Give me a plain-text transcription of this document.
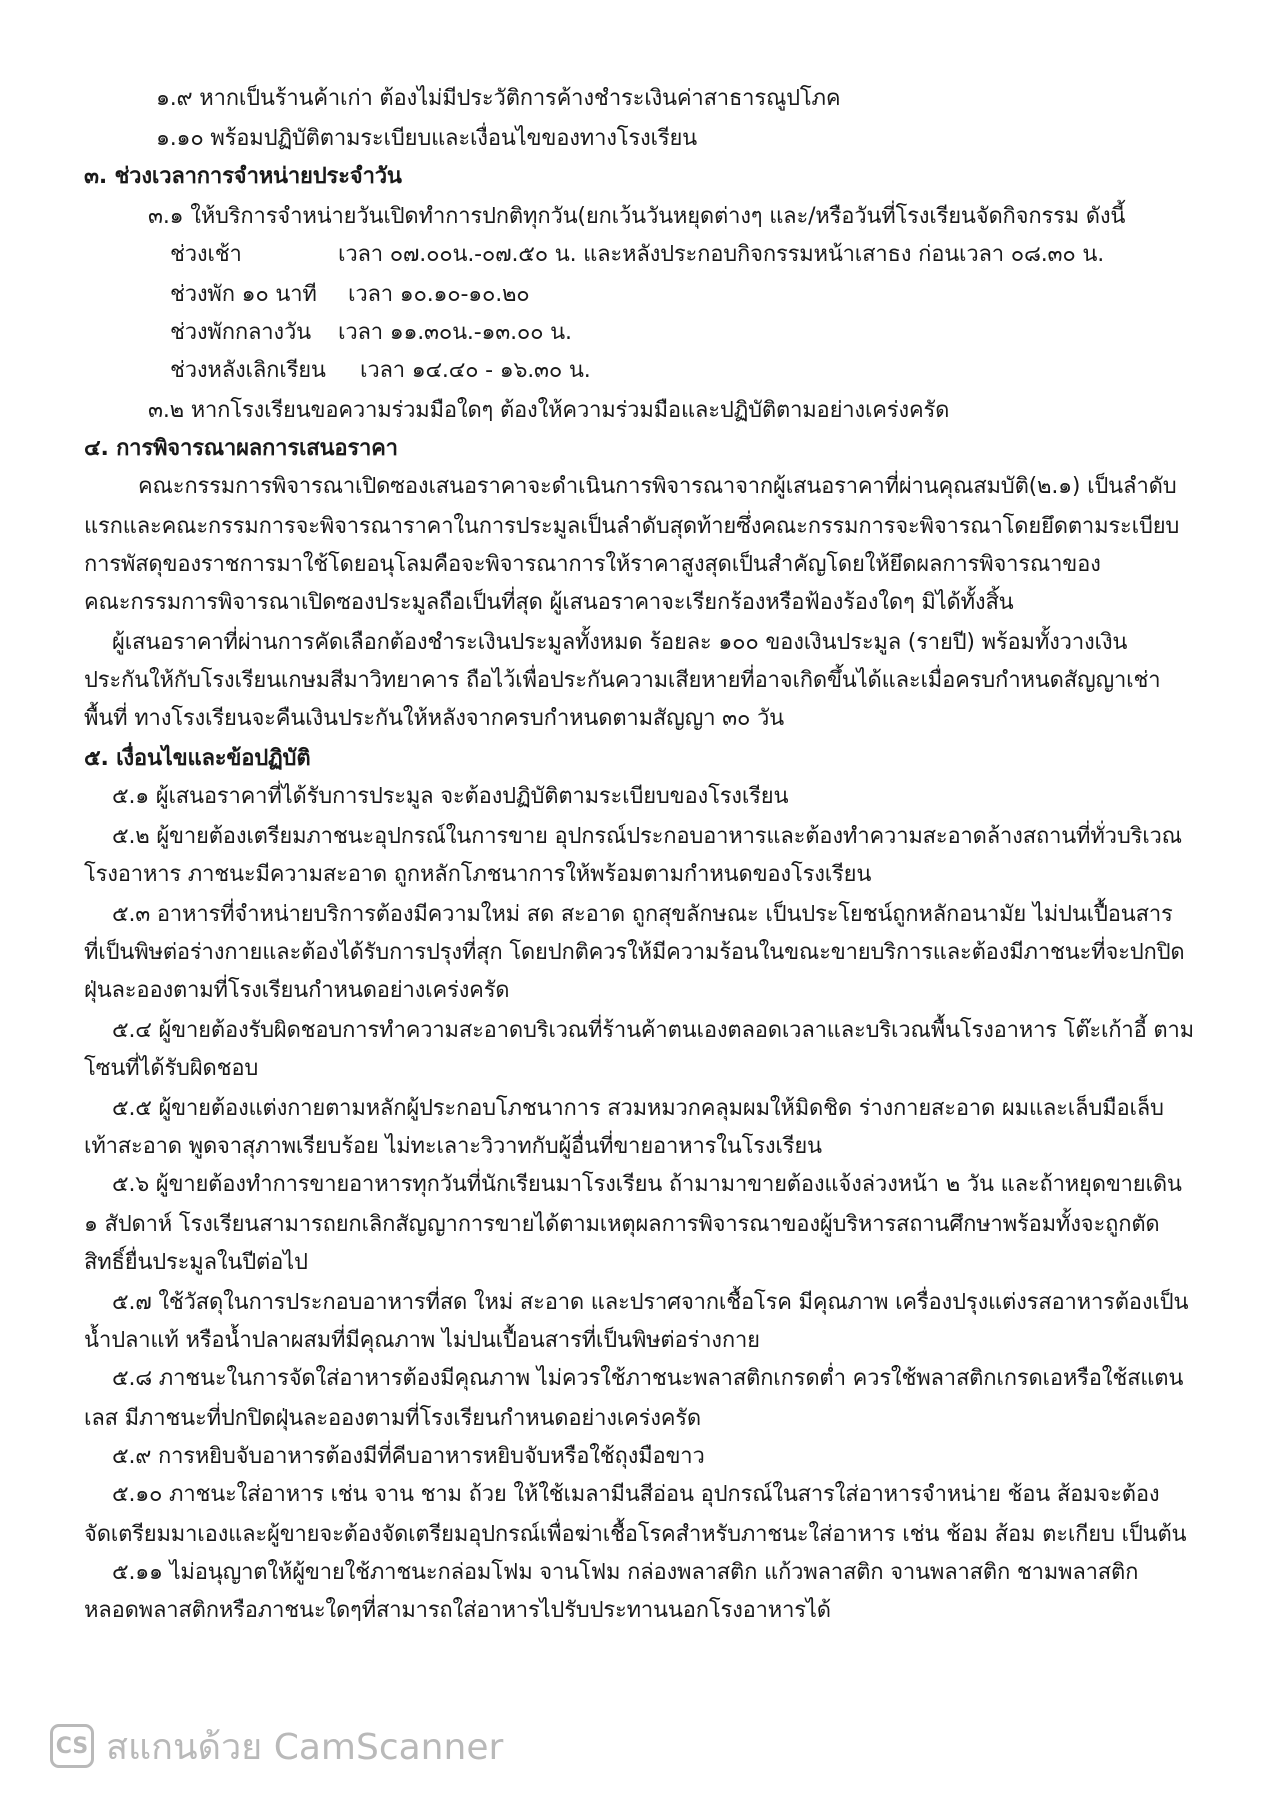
๑.๙ หากเป็นร้านค้าเก่า ต้องไม่มีประวัติการค้างชำระเงินค่าสาธารณูปโภค
๑.๑๐ พร้อมปฏิบัติตามระเบียบและเงื่อนไขของทางโรงเรียน
๓. ช่วงเวลาการจำหน่ายประจำวัน
๓.๑ ให้บริการจำหน่ายวันเปิดทำการปกติทุกวัน(ยกเว้นวันหยุดต่างๆ และ/หรือวันที่โรงเรียนจัดกิจกรรม ดังนี้
ช่วงเช้า	เวลา ๐๗.๐๐น.-๐๗.๕๐ น. และหลังประกอบกิจกรรมหน้าเสาธง ก่อนเวลา ๐๘.๓๐ น.
ช่วงพัก ๑๐ นาที เวลา ๑๐.๑๐-๑๐.๒๐
ช่วงพักกลางวัน เวลา ๑๑.๓๐น.-๑๓.๐๐ น.
ช่วงหลังเลิกเรียน เวลา ๑๔.๔๐ - ๑๖.๓๐ น.
๓.๒ หากโรงเรียนขอความร่วมมือใดๆ ต้องให้ความร่วมมือและปฏิบัติตามอย่างเคร่งครัด
๔. การพิจารณาผลการเสนอราคา
คณะกรรมการพิจารณาเปิดซองเสนอราคาจะดำเนินการพิจารณาจากผู้เสนอราคาที่ผ่านคุณสมบัติ(๒.๑) เป็นลำดับ
แรกและคณะกรรมการจะพิจารณาราคาในการประมูลเป็นลำดับสุดท้ายซึ่งคณะกรรมการจะพิจารณาโดยยึดตามระเบียบ
การพัสดุของราชการมาใช้โดยอนุโลมคือจะพิจารณาการให้ราคาสูงสุดเป็นสำคัญโดยให้ยึดผลการพิจารณาของ
คณะกรรมการพิจารณาเปิดซองประมูลถือเป็นที่สุด ผู้เสนอราคาจะเรียกร้องหรือฟ้องร้องใดๆ มิได้ทั้งสิ้น
ผู้เสนอราคาที่ผ่านการคัดเลือกต้องชำระเงินประมูลทั้งหมด ร้อยละ ๑๐๐ ของเงินประมูล (รายปี) พร้อมทั้งวางเงิน
ประกันให้กับโรงเรียนเกษมสีมาวิทยาคาร ถือไว้เพื่อประกันความเสียหายที่อาจเกิดขึ้นได้และเมื่อครบกำหนดสัญญาเช่า
พื้นที่ ทางโรงเรียนจะคืนเงินประกันให้หลังจากครบกำหนดตามสัญญา ๓๐ วัน
๕. เงื่อนไขและข้อปฏิบัติ
๕.๑ ผู้เสนอราคาที่ได้รับการประมูล จะต้องปฏิบัติตามระเบียบของโรงเรียน
๕.๒ ผู้ขายต้องเตรียมภาชนะอุปกรณ์ในการขาย อุปกรณ์ประกอบอาหารและต้องทำความสะอาดล้างสถานที่ทั่วบริเวณ
โรงอาหาร ภาชนะมีความสะอาด ถูกหลักโภชนาการให้พร้อมตามกำหนดของโรงเรียน
๕.๓ อาหารที่จำหน่ายบริการต้องมีความใหม่ สด สะอาด ถูกสุขลักษณะ เป็นประโยชน์ถูกหลักอนามัย ไม่ปนเปื้อนสาร
ที่เป็นพิษต่อร่างกายและต้องได้รับการปรุงที่สุก โดยปกติควรให้มีความร้อนในขณะขายบริการและต้องมีภาชนะที่จะปกปิด
ฝุ่นละอองตามที่โรงเรียนกำหนดอย่างเคร่งครัด
๕.๔ ผู้ขายต้องรับผิดชอบการทำความสะอาดบริเวณที่ร้านค้าตนเองตลอดเวลาและบริเวณพื้นโรงอาหาร โต๊ะเก้าอี้ ตาม
โซนที่ได้รับผิดชอบ
๕.๕ ผู้ขายต้องแต่งกายตามหลักผู้ประกอบโภชนาการ สวมหมวกคลุมผมให้มิดชิด ร่างกายสะอาด ผมและเล็บมือเล็บ
เท้าสะอาด พูดจาสุภาพเรียบร้อย ไม่ทะเลาะวิวาทกับผู้อื่นที่ขายอาหารในโรงเรียน
๕.๖ ผู้ขายต้องทำการขายอาหารทุกวันที่นักเรียนมาโรงเรียน ถ้ามามาขายต้องแจ้งล่วงหน้า ๒ วัน และถ้าหยุดขายเดิน
๑ สัปดาห์ โรงเรียนสามารถยกเลิกสัญญาการขายได้ตามเหตุผลการพิจารณาของผู้บริหารสถานศึกษาพร้อมทั้งจะถูกตัด
สิทธิ์ยื่นประมูลในปีต่อไป
๕.๗ ใช้วัสดุในการประกอบอาหารที่สด ใหม่ สะอาด และปราศจากเชื้อโรค มีคุณภาพ เครื่องปรุงแต่งรสอาหารต้องเป็น
น้ำปลาแท้ หรือน้ำปลาผสมที่มีคุณภาพ ไม่ปนเปื้อนสารที่เป็นพิษต่อร่างกาย
๕.๘ ภาชนะในการจัดใส่อาหารต้องมีคุณภาพ ไม่ควรใช้ภาชนะพลาสติกเกรดต่ำ ควรใช้พลาสติกเกรดเอหรือใช้สแตน
เลส มีภาชนะที่ปกปิดฝุ่นละอองตามที่โรงเรียนกำหนดอย่างเคร่งครัด
๕.๙ การหยิบจับอาหารต้องมีที่คีบอาหารหยิบจับหรือใช้ถุงมือขาว
๕.๑๐ ภาชนะใส่อาหาร เช่น จาน ชาม ถ้วย ให้ใช้เมลามีนสีอ่อน อุปกรณ์ในสารใส่อาหารจำหน่าย ช้อน ส้อมจะต้อง
จัดเตรียมมาเองและผู้ขายจะต้องจัดเตรียมอุปกรณ์เพื่อฆ่าเชื้อโรคสำหรับภาชนะใส่อาหาร เช่น ช้อม ส้อม ตะเกียบ เป็นต้น
๕.๑๑ ไม่อนุญาตให้ผู้ขายใช้ภาชนะกล่อมโฟม จานโฟม กล่องพลาสติก แก้วพลาสติก จานพลาสติก ชามพลาสติก
หลอดพลาสติกหรือภาชนะใดๆที่สามารถใส่อาหารไปรับประทานนอกโรงอาหารได้
CS สแกนด้วย CamScanner
